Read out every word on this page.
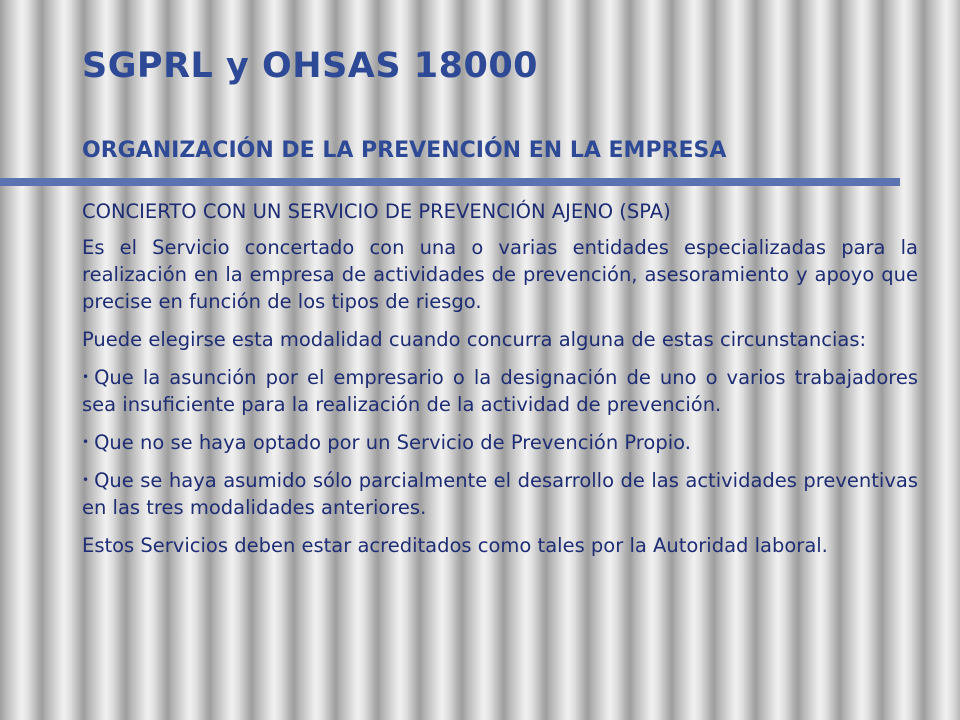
SGPRL y OHSAS 18000
ORGANIZACIÓN DE LA PREVENCIÓN EN LA EMPRESA

CONCIERTO CON UN SERVICIO DE PREVENCIÓN AJENO (SPA)

Es el Servicio concertado con una o varias entidades especializadas para la realización en la empresa de actividades de prevención, asesoramiento y apoyo que precise en función de los tipos de riesgo.

Puede elegirse esta modalidad cuando concurra alguna de estas circunstancias:

• Que la asunción por el empresario o la designación de uno o varios trabajadores sea insuficiente para la realización de la actividad de prevención.

• Que no se haya optado por un Servicio de Prevención Propio.

• Que se haya asumido sólo parcialmente el desarrollo de las actividades preventivas en las tres modalidades anteriores.

Estos Servicios deben estar acreditados como tales por la Autoridad laboral.
